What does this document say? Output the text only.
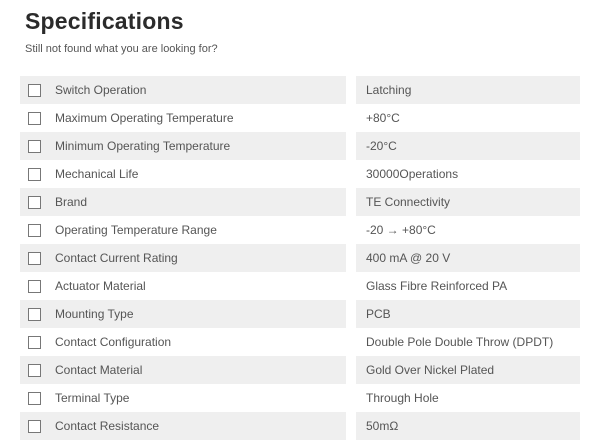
Specifications

Still not found what you are looking for?

Switch Operation	Latching
Maximum Operating Temperature	+80°C
Minimum Operating Temperature	-20°C
Mechanical Life	30000Operations
Brand	TE Connectivity
Operating Temperature Range	-20 → +80°C
Contact Current Rating	400 mA @ 20 V
Actuator Material	Glass Fibre Reinforced PA
Mounting Type	PCB
Contact Configuration	Double Pole Double Throw (DPDT)
Contact Material	Gold Over Nickel Plated
Terminal Type	Through Hole
Contact Resistance	50mΩ
